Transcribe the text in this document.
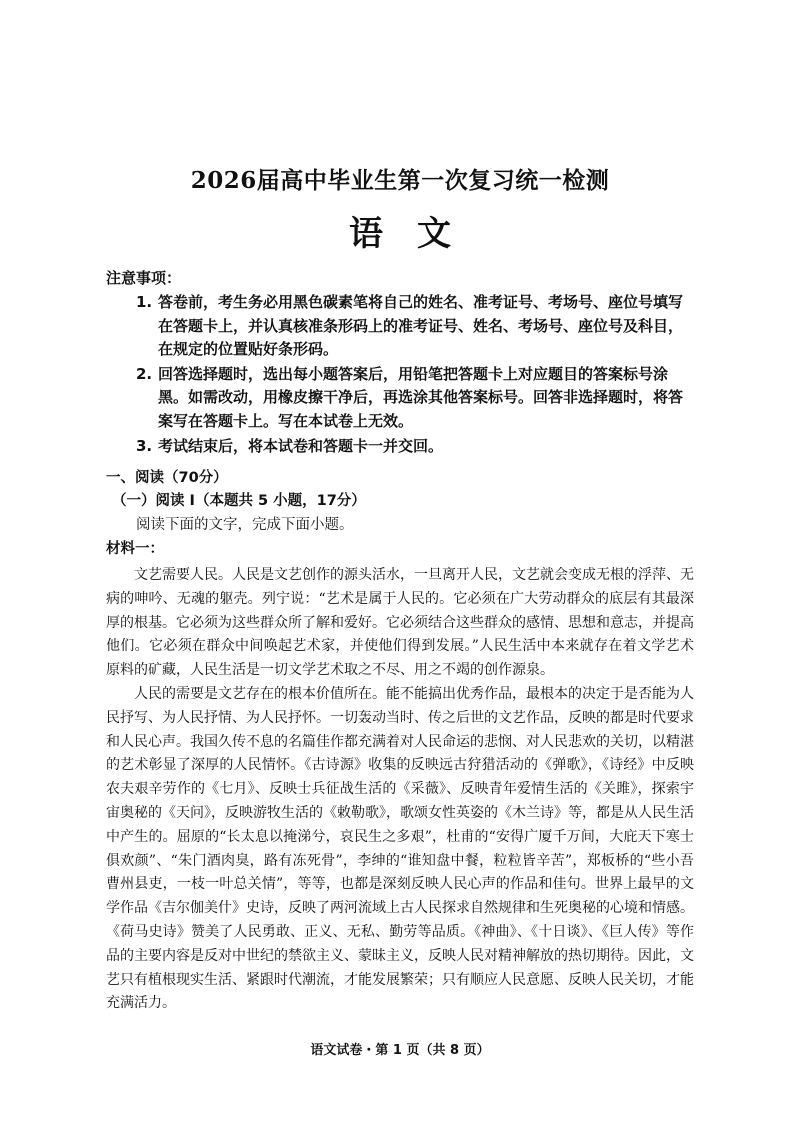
2026届高中毕业生第一次复习统一检测
语文
注意事项：
1. 答卷前，考生务必用黑色碳素笔将自己的姓名、准考证号、考场号、座位号填写在答题卡上，并认真核准条形码上的准考证号、姓名、考场号、座位号及科目，在规定的位置贴好条形码。
2. 回答选择题时，选出每小题答案后，用铅笔把答题卡上对应题目的答案标号涂黑。如需改动，用橡皮擦干净后，再选涂其他答案标号。回答非选择题时，将答案写在答题卡上。写在本试卷上无效。
3. 考试结束后，将本试卷和答题卡一并交回。
一、阅读（70分）
（一）阅读 I（本题共 5 小题，17分）
阅读下面的文字，完成下面小题。
材料一：

文艺需要人民。人民是文艺创作的源头活水，一旦离开人民，文艺就会变成无根的浮萍、无病的呻吟、无魂的躯壳。列宁说：“艺术是属于人民的。它必须在广大劳动群众的底层有其最深厚的根基。它必须为这些群众所了解和爱好。它必须结合这些群众的感情、思想和意志，并提高他们。它必须在群众中间唤起艺术家，并使他们得到发展。”人民生活中本来就存在着文学艺术原料的矿藏，人民生活是一切文学艺术取之不尽、用之不竭的创作源泉。

人民的需要是文艺存在的根本价值所在。能不能搞出优秀作品，最根本的决定于是否能为人民抒写、为人民抒情、为人民抒怀。一切轰动当时、传之后世的文艺作品，反映的都是时代要求和人民心声。我国久传不息的名篇佳作都充满着对人民命运的悲悯、对人民悲欢的关切，以精湛的艺术彰显了深厚的人民情怀。《古诗源》收集的反映远古狩猎活动的《弹歌》，《诗经》中反映农夫艰辛劳作的《七月》、反映士兵征战生活的《采薇》、反映青年爱情生活的《关雎》，探索宇宙奥秘的《天问》，反映游牧生活的《敕勒歌》，歌颂女性英姿的《木兰诗》等，都是从人民生活中产生的。屈原的“长太息以掩涕兮，哀民生之多艰”，杜甫的“安得广厦千万间，大庇天下寒士俱欢颜”、“朱门酒肉臭，路有冻死骨”，李绅的“谁知盘中餐，粒粒皆辛苦”，郑板桥的“些小吾曹州县吏，一枝一叶总关情”，等等，也都是深刻反映人民心声的作品和佳句。世界上最早的文学作品《吉尔伽美什》史诗，反映了两河流域上古人民探求自然规律和生死奥秘的心境和情感。《荷马史诗》赞美了人民勇敢、正义、无私、勤劳等品质。《神曲》、《十日谈》、《巨人传》等作品的主要内容是反对中世纪的禁欲主义、蒙昧主义，反映人民对精神解放的热切期待。因此，文艺只有植根现实生活、紧跟时代潮流，才能发展繁荣；只有顺应人民意愿、反映人民关切，才能充满活力。

语文试卷・第 1 页（共 8 页）
